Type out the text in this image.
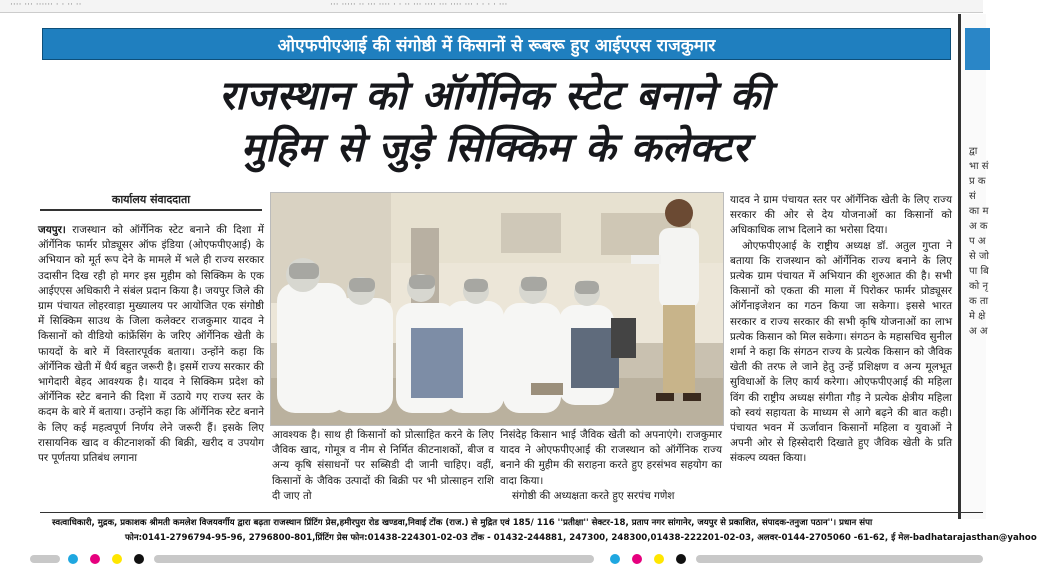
···· ··· ······ · · ·· ··	··· ····· ·· ··· ···· · · ·· ··· ···· ··· ···· ··· · · · · ···
द्वा भा सं प्र क सं का म अ क प अ से जो पा बि को नृ क ता मे क्षे अ अ
ओएफपीएआई की संगोष्ठी में किसानों से रूबरू हुए आईएएस राजकुमार
राजस्थान को ऑर्गेनिक स्टेट बनाने की
मुहिम से जुड़े सिक्किम के कलेक्टर
कार्यालय संवाददाता

जयपुर। राजस्थान को ऑर्गेनिक स्टेट बनाने की दिशा में ऑर्गेनिक फार्मर प्रोड्यूसर ऑफ इंडिया (ओएफपीएआई) के अभियान को मूर्त रूप देने के मामले में भले ही राज्य सरकार उदासीन दिख रही हो मगर इस मुहीम को सिक्किम के एक आईएएस अधिकारी ने संबंल प्रदान किया है। जयपुर जिले की ग्राम पंचायत लोहरवाड़ा मुख्यालय पर आयोजित एक संगोष्ठी में सिक्किम साउथ के जिला कलेक्टर राजकुमार यादव ने किसानों को वीडियो कांफ्रेंसिंग के जरिए ऑर्गेनिक खेती के फायदों के बारे में विस्तारपूर्वक बताया। उन्होंने कहा कि ऑर्गेनिक खेती में धैर्य बहुत जरूरी है। इसमें राज्य सरकार की भागेदारी बेहद आवश्यक है। यादव ने सिक्किम प्रदेश को ऑर्गेनिक स्टेट बनाने की दिशा में उठाये गए राज्य स्तर के कदम के बारे में बताया। उन्होंने कहा कि ऑर्गेनिक स्टेट बनाने के लिए कई महत्वपूर्ण निर्णय लेने जरूरी हैं। इसके लिए रासायनिक खाद व कीटनाशकों की बिक्री, खरीद व उपयोग पर पूर्णतया प्रतिबंध लगाना

आवश्यक है। साथ ही किसानों को प्रोत्साहित करने के लिए जैविक खाद, गोमूत्र व नीम से निर्मित कीटनाशकों, बीज व अन्य कृषि संसाधनों पर सब्सिडी दी जानी चाहिए। वहीं, किसानों के जैविक उत्पादों की बिक्री पर भी प्रोत्साहन राशि दी जाए तो

निसंदेह किसान भाई जैविक खेती को अपनाएंगे। राजकुमार यादव ने ओएफपीएआई की राजस्थान को ऑर्गेनिक राज्य बनाने की मुहीम की सराहना करते हुए हरसंभव सहयोग का वादा किया।

संगोष्ठी की अध्यक्षता करते हुए सरपंच गणेश

यादव ने ग्राम पंचायत स्तर पर ऑर्गेनिक खेती के लिए राज्य सरकार की ओर से देय योजनाओं का किसानों को अधिकाधिक लाभ दिलाने का भरोसा दिया।

ओएफपीएआई के राष्ट्रीय अध्यक्ष डॉ. अतुल गुप्ता ने बताया कि राजस्थान को ऑर्गेनिक राज्य बनाने के लिए प्रत्येक ग्राम पंचायत में अभियान की शुरुआत की है। सभी किसानों को एकता की माला में पिरोकर फार्मर प्रोड्यूसर ऑर्गेनाइजेशन का गठन किया जा सकेगा। इससे भारत सरकार व राज्य सरकार की सभी कृषि योजनाओं का लाभ प्रत्येक किसान को मिल सकेगा। संगठन के महासचिव सुनील शर्मा ने कहा कि संगठन राज्य के प्रत्येक किसान को जैविक खेती की तरफ ले जाने हेतु उन्हें प्रशिक्षण व अन्य मूलभूत सुविधाओं के लिए कार्य करेगा। ओएफपीएआई की महिला विंग की राष्ट्रीय अध्यक्ष संगीता गौड़ ने प्रत्येक क्षेत्रीय महिला को स्वयं सहायता के माध्यम से आगे बढ़ने की बात कही। पंचायत भवन में ऊर्जावान किसानों महिला व युवाओं ने अपनी ओर से हिस्सेदारी दिखाते हुए जैविक खेती के प्रति संकल्प व्यक्त किया।

स्वत्वाधिकारी, मुद्रक, प्रकाशक श्रीमती कमलेश विजयवर्गीय द्वारा बढ़ता राजस्थान प्रिंटिंग प्रेस,हमीरपुरा रोड खण्डवा,निवाई टोंक (राज.) से मुद्रित एवं 185/ 116 ''प्रतीक्षा'' सेक्टर-18, प्रताप नगर सांगानेर, जयपुर से प्रकाशित, संपादक-तनुजा पठान''। प्रधान संपा
फोन:0141-2796794-95-96, 2796800-801,प्रिंटिंग प्रेस फोन:01438-224301-02-03 टोंक - 01432-244881, 247300, 248300,01438-222201-02-03, अलवर-0144-2705060 -61-62, ई मेल-badhatarajasthan@yahoo
